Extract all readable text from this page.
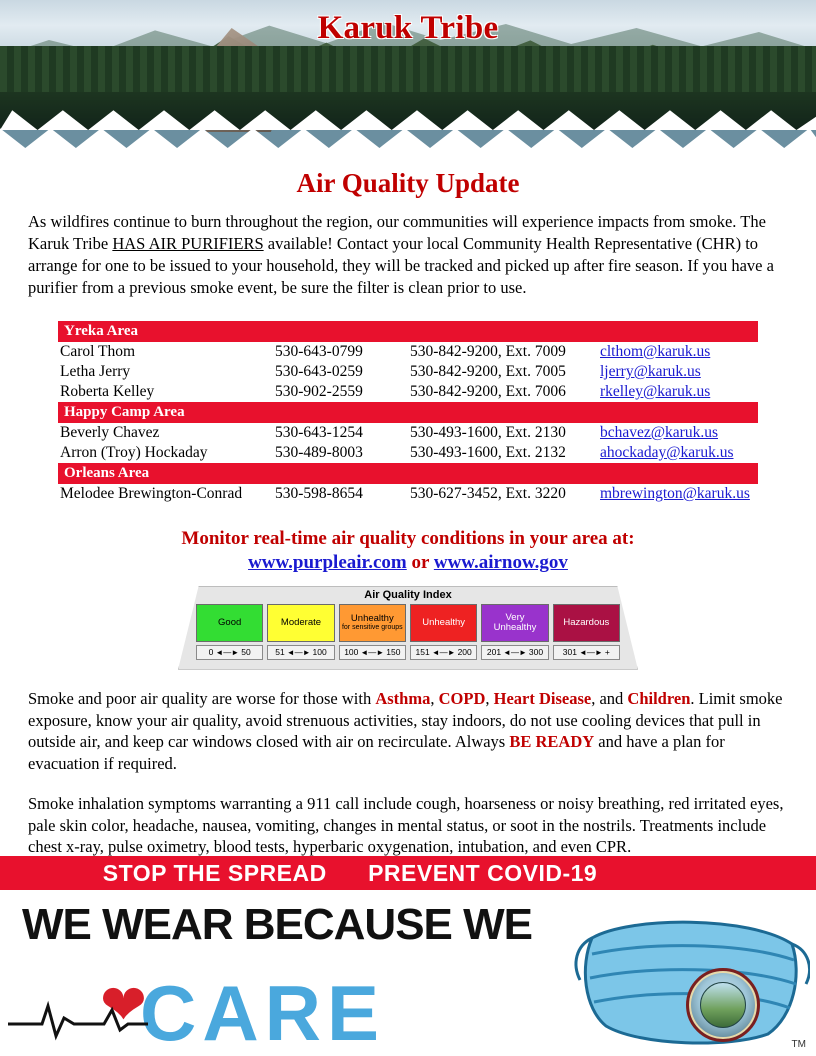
Karuk Tribe
Air Quality Update
As wildfires continue to burn throughout the region, our communities will experience impacts from smoke. The Karuk Tribe HAS AIR PURIFIERS available! Contact your local Community Health Representative (CHR) to arrange for one to be issued to your household, they will be tracked and picked up after fire season. If you have a purifier from a previous smoke event, be sure the filter is clean prior to use.
Yreka Area			
Carol Thom	530-643-0799	530-842-9200, Ext. 7009	clthom@karuk.us
Letha Jerry	530-643-0259	530-842-9200, Ext. 7005	ljerry@karuk.us
Roberta Kelley	530-902-2559	530-842-9200, Ext. 7006	rkelley@karuk.us
Happy Camp Area			
Beverly Chavez	530-643-1254	530-493-1600, Ext. 2130	bchavez@karuk.us
Arron (Troy) Hockaday	530-489-8003	530-493-1600, Ext. 2132	ahockaday@karuk.us
Orleans Area			
Melodee Brewington-Conrad	530-598-8654	530-627-3452, Ext. 3220	mbrewington@karuk.us
Monitor real-time air quality conditions in your area at:
www.purpleair.com or www.airnow.gov
Air Quality Index
Good	Moderate	Unhealthy
for sensitive groups Unhealthy	Very Unhealthy	Hazardous
0 ◄—► 50	51 ◄—► 100 100 ◄—► 150 151 ◄—► 200 201 ◄—► 300 301 ◄—► +
Smoke and poor air quality are worse for those with Asthma, COPD, Heart Disease, and Children. Limit smoke exposure, know your air quality, avoid strenuous activities, stay indoors, do not use cooling devices that pull in outside air, and keep car windows closed with air on recirculate. Always BE READY and have a plan for evacuation if required.
Smoke inhalation symptoms warranting a 911 call include cough, hoarseness or noisy breathing, red irritated eyes, pale skin color, headache, nausea, vomiting, changes in mental status, or soot in the nostrils. Treatments include chest x-ray, pulse oximetry, blood tests, hyperbaric oxygenation, intubation, and even CPR.
STOP THE SPREAD PREVENT COVID-19
WE WEAR BECAUSE WE
CARE
❤
TM
